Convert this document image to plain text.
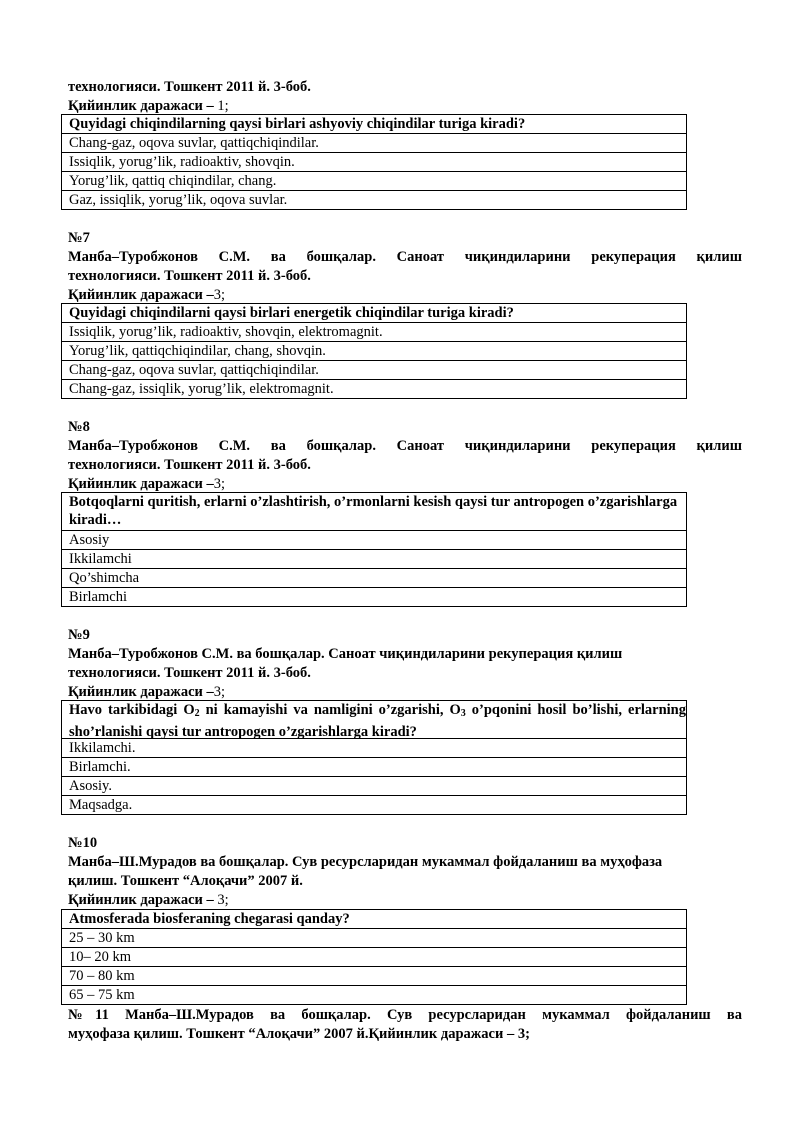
технологияси. Тошкент 2011 й. 3-боб.
Қийинлик даражаси – 1;
Quyidagi chiqindilarning qaysi birlari ashyoviy chiqindilar turiga kiradi?
Chang-gaz, oqova suvlar, qattiqchiqindilar.
Issiqlik, yorug’lik, radioaktiv, shovqin.
Yorug’lik, qattiq chiqindilar, chang.
Gaz, issiqlik, yorug’lik, oqova suvlar.
№7
Манба–Туробжонов С.М. ва бошқалар. Саноат чиқиндиларини рекуперация қилиш
технологияси. Тошкент 2011 й. 3-боб.
Қийинлик даражаси –3;
Quyidagi chiqindilarni qaysi birlari energetik chiqindilar turiga kiradi?
Issiqlik, yorug’lik, radioaktiv, shovqin, elektromagnit.
Yorug’lik, qattiqchiqindilar, chang, shovqin.
Chang-gaz, oqova suvlar, qattiqchiqindilar.
Chang-gaz, issiqlik, yorug’lik, elektromagnit.
№8
Манба–Туробжонов С.М. ва бошқалар. Саноат чиқиндиларини рекуперация қилиш
технологияси. Тошкент 2011 й. 3-боб.
Қийинлик даражаси –3;
Botqoqlarni quritish, erlarni o’zlashtirish, o’rmonlarni kesish qaysi tur antropogen o’zgarishlarga kiradi…
Asosiy
Ikkilamchi
Qo’shimcha
Birlamchi
№9
Манба–Туробжонов С.М. ва бошқалар. Саноат чиқиндиларини рекуперация қилиш
технологияси. Тошкент 2011 й. 3-боб.
Қийинлик даражаси –3;
Havo tarkibidagi $O_2$ ni kamayishi va namligini o’zgarishi, $O_3$ o’pqonini hosil bo’lishi, erlarning sho’rlanishi qaysi tur antropogen o’zgarishlarga kiradi?
Ikkilamchi.
Birlamchi.
Asosiy.
Maqsadga.
№10
Манба–Ш.Мурадов ва бошқалар. Сув ресурсларидан мукаммал фойдаланиш ва муҳофаза
қилиш. Тошкент “Алоқачи” 2007 й.
Қийинлик даражаси – 3;
Atmosferada biosferaning chegarasi qanday?
25 – 30 km
10– 20 km
70 – 80 km
65 – 75 km
№11 Манба–Ш.Мурадов ва бошқалар. Сув ресурсларидан мукаммал фойдаланиш ва
муҳофаза қилиш. Тошкент “Алоқачи” 2007 й.Қийинлик даражаси – 3;
